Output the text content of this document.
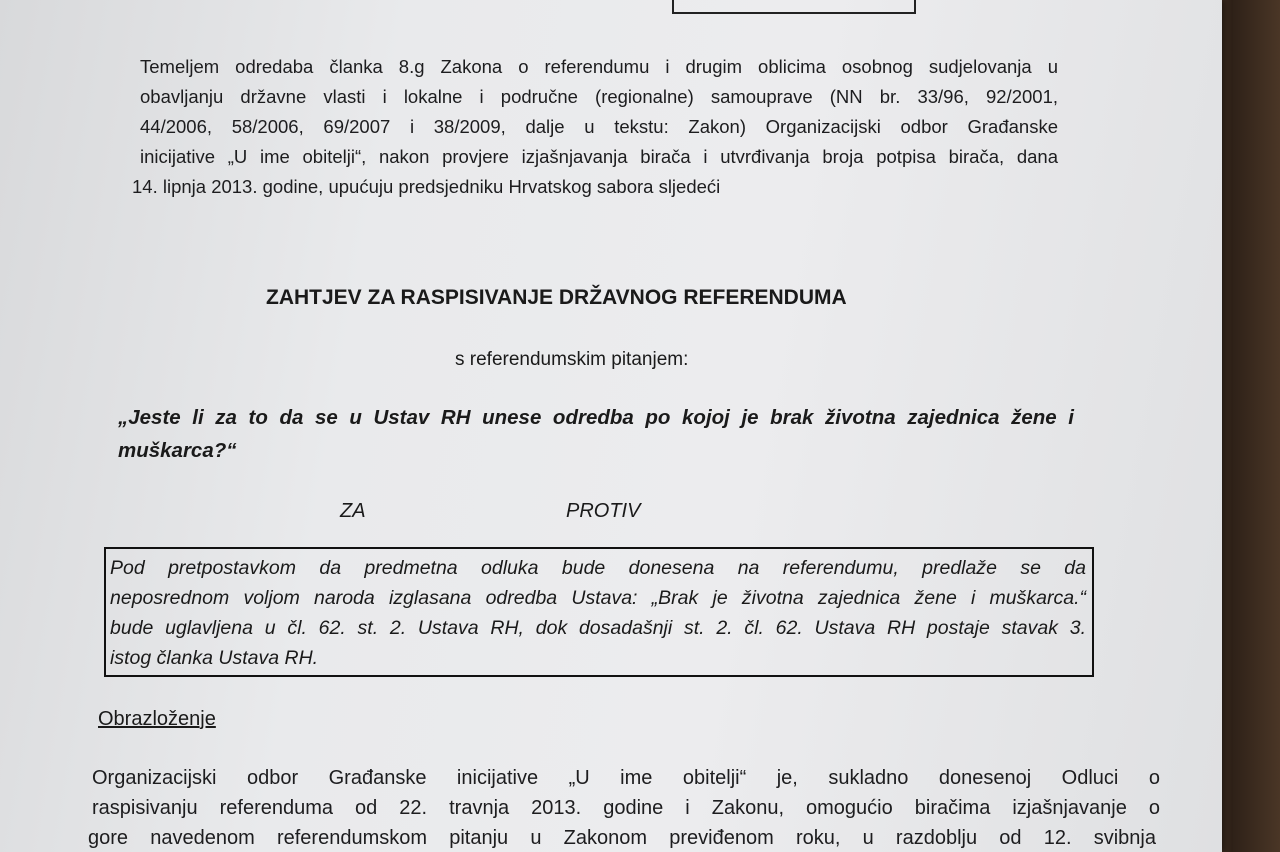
Temeljem odredaba članka 8.g Zakona o referendumu i drugim oblicima osobnog sudjelovanja u
obavljanju državne vlasti i lokalne i područne (regionalne) samouprave (NN br. 33/96, 92/2001,
44/2006, 58/2006, 69/2007 i 38/2009, dalje u tekstu: Zakon) Organizacijski odbor Građanske
inicijative „U ime obitelji“, nakon provjere izjašnjavanja birača i utvrđivanja broja potpisa birača, dana
14. lipnja 2013. godine, upućuju predsjedniku Hrvatskog sabora sljedeći
ZAHTJEV ZA RASPISIVANJE DRŽAVNOG REFERENDUMA
s referendumskim pitanjem:
„Jeste li za to da se u Ustav RH unese odredba po kojoj je brak životna zajednica žene i
muškarca?“
ZA	PROTIV
Pod pretpostavkom da predmetna odluka bude donesena na referendumu, predlaže se da
neposrednom voljom naroda izglasana odredba Ustava: „Brak je životna zajednica žene i muškarca.“
bude uglavljena u čl. 62. st. 2. Ustava RH, dok dosadašnji st. 2. čl. 62. Ustava RH postaje stavak 3.
istog članka Ustava RH.
Obrazloženje
Organizacijski odbor Građanske inicijative „U ime obitelji“ je, sukladno donesenoj Odluci o
raspisivanju referenduma od 22. travnja 2013. godine i Zakonu, omogućio biračima izjašnjavanje o
gore navedenom referendumskom pitanju u Zakonom previđenom roku, u razdoblju od 12. svibnja
